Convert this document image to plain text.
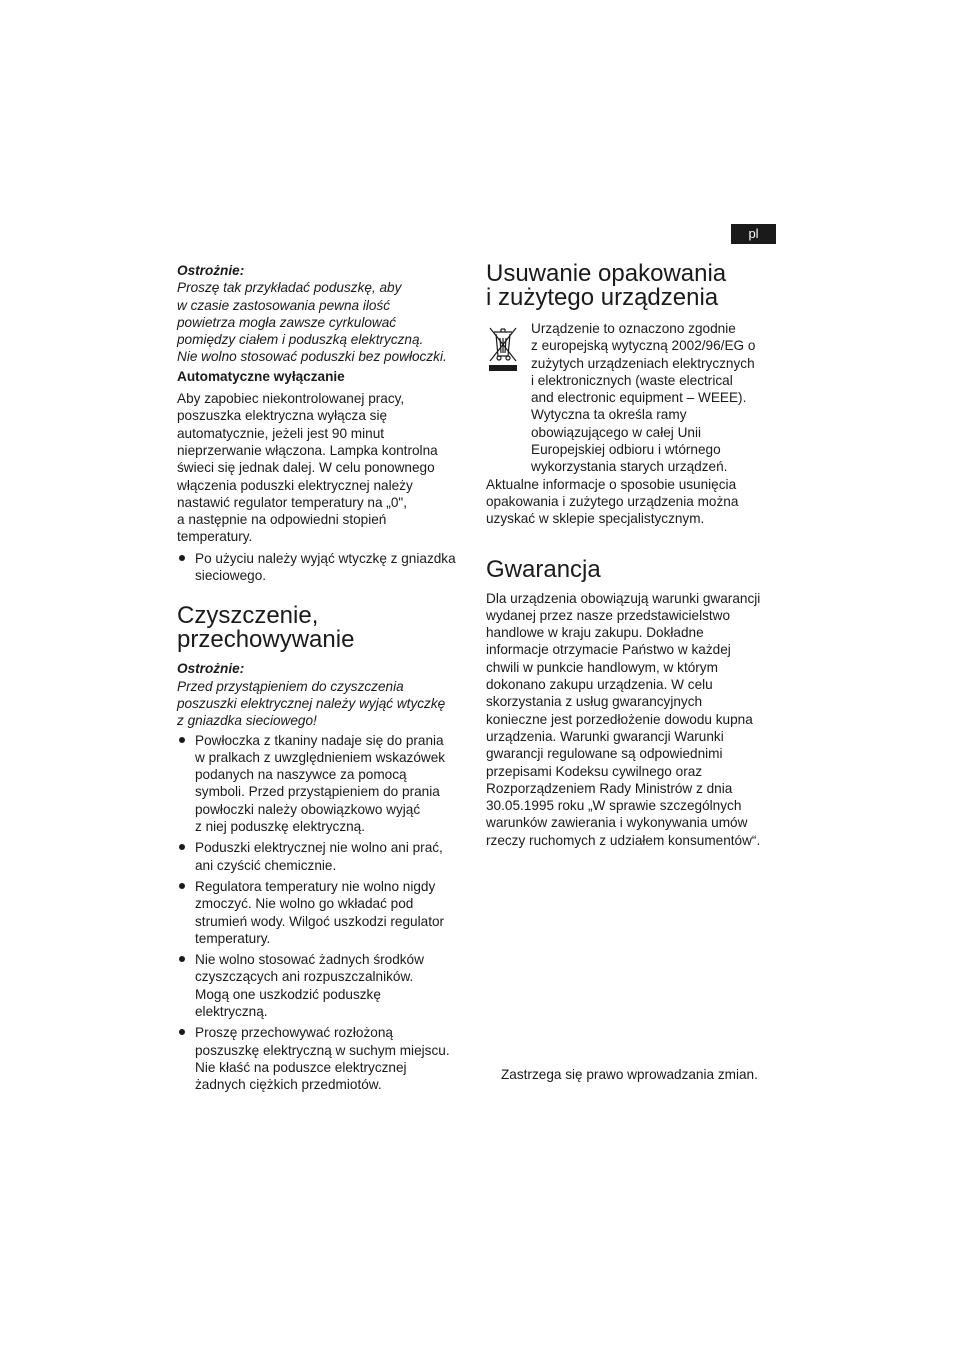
pl

Ostrożnie:

Proszę tak przykładać poduszkę, aby
w czasie zastosowania pewna ilość
powietrza mogła zawsze cyrkulować
pomiędzy ciałem i poduszką elektryczną.
Nie wolno stosować poduszki bez powłoczki.

Automatyczne wyłączanie

Aby zapobiec niekontrolowanej pracy,
poszuszka elektryczna wyłącza się
automatycznie, jeżeli jest 90 minut
nieprzerwanie włączona. Lampka kontrolna
świeci się jednak dalej. W celu ponownego
włączenia poduszki elektrycznej należy
nastawić regulator temperatury na „0",
a następnie na odpowiedni stopień
temperatury.

Po użyciu należy wyjąć wtyczkę z gniazdka
sieciowego.
Czyszczenie,
przechowywanie

Ostrożnie:

Przed przystąpieniem do czyszczenia
poszuszki elektrycznej należy wyjąć wtyczkę
z gniazdka sieciowego!

Powłoczka z tkaniny nadaje się do prania
w pralkach z uwzględnieniem wskazówek
podanych na naszywce za pomocą
symboli. Przed przystąpieniem do prania
powłoczki należy obowiązkowo wyjąć
z niej poduszkę elektryczną.
Poduszki elektrycznej nie wolno ani prać,
ani czyścić chemicznie.
Regulatora temperatury nie wolno nigdy
zmoczyć. Nie wolno go wkładać pod
strumień wody. Wilgoć uszkodzi regulator
temperatury.
Nie wolno stosować żadnych środków
czyszczących ani rozpuszczalników.
Mogą one uszkodzić poduszkę
elektryczną.
Proszę przechowywać rozłożoną
poszuszkę elektryczną w suchym miejscu.
Nie kłaść na poduszce elektrycznej
żadnych ciężkich przedmiotów.
Usuwanie opakowania
i zużytego urządzenia

Urządzenie to oznaczono zgodnie
z europejską wytyczną 2002/96/EG o
zużytych urządzeniach elektrycznych
i elektronicznych (waste electrical
and electronic equipment – WEEE).
Wytyczna ta określa ramy
obowiązującego w całej Unii
Europejskiej odbioru i wtórnego
wykorzystania starych urządzeń.

Aktualne informacje o sposobie usunięcia
opakowania i zużytego urządzenia można
uzyskać w sklepie specjalistycznym.

Gwarancja

Dla urządzenia obowiązują warunki gwarancji
wydanej przez nasze przedstawicielstwo
handlowe w kraju zakupu. Dokładne
informacje otrzymacie Państwo w każdej
chwili w punkcie handlowym, w którym
dokonano zakupu urządzenia. W celu
skorzystania z usług gwarancyjnych
konieczne jest porzedłożenie dowodu kupna
urządzenia. Warunki gwarancji Warunki
gwarancji regulowane są odpowiednimi
przepisami Kodeksu cywilnego oraz
Rozporządzeniem Rady Ministrów z dnia
30.05.1995 roku „W sprawie szczególnych
warunków zawierania i wykonywania umów
rzeczy ruchomych z udziałem konsumentów“.

Zastrzega się prawo wprowadzania zmian.
